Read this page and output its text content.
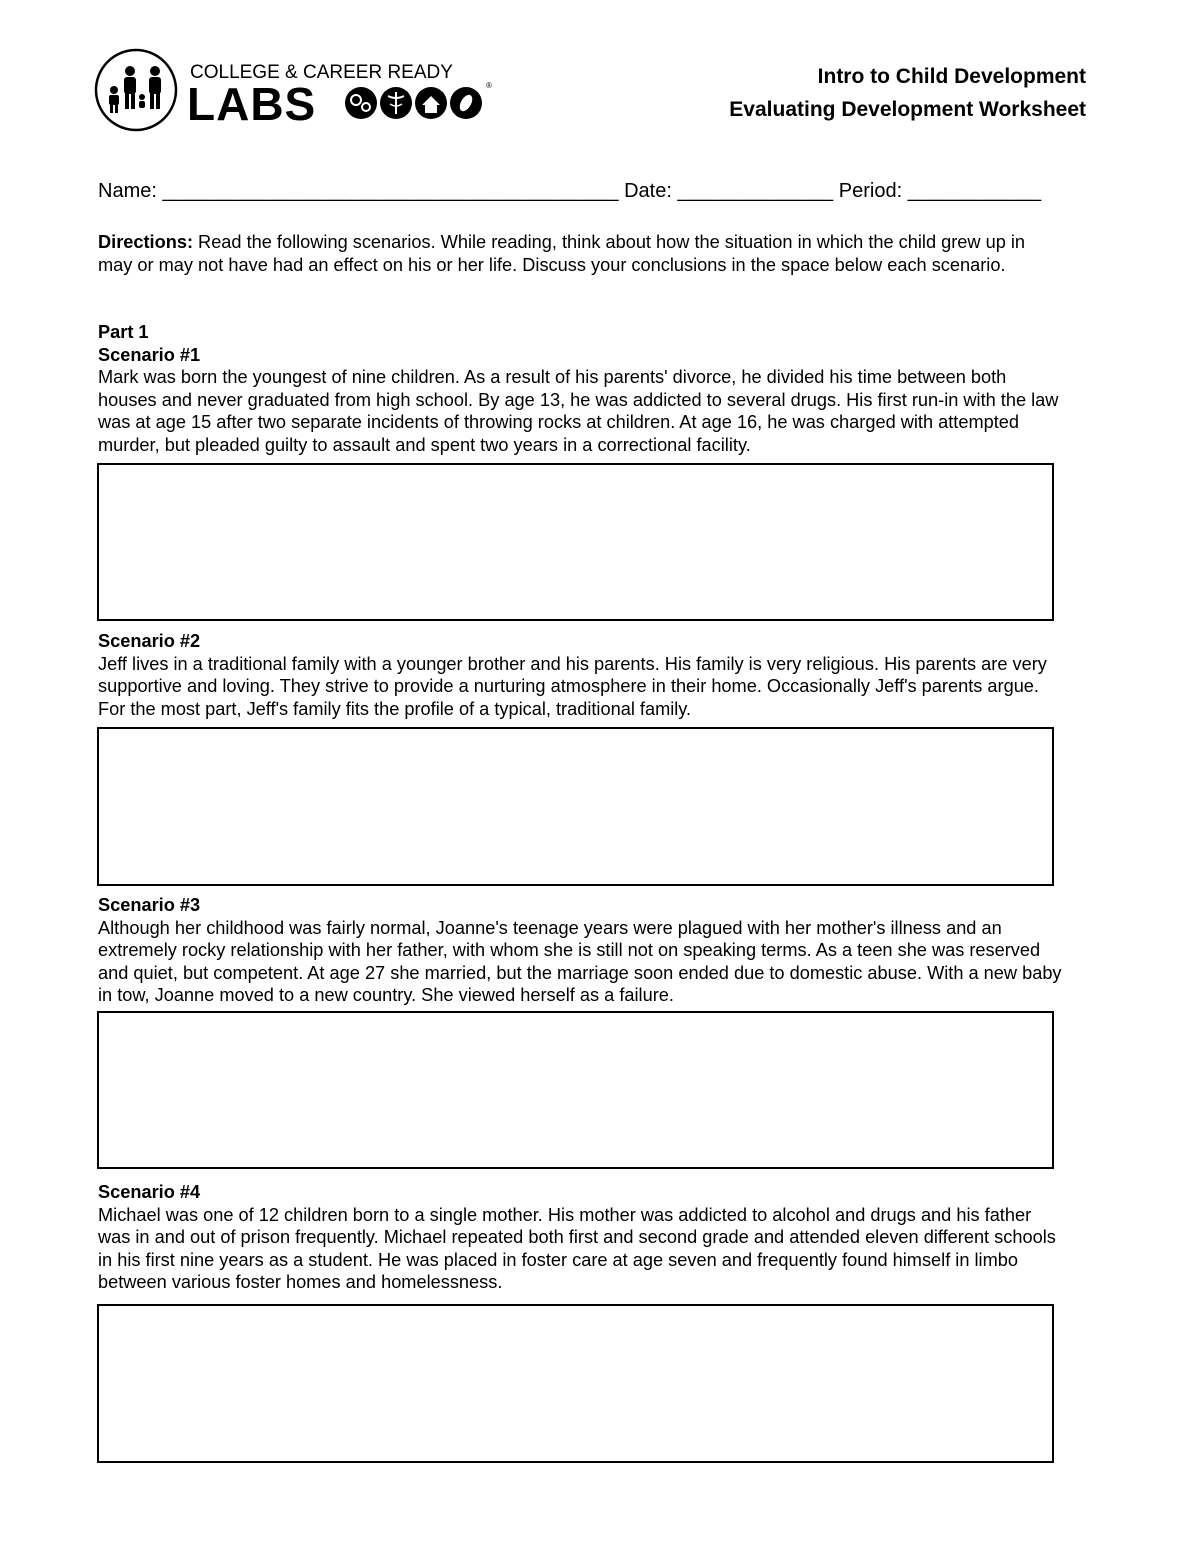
COLLEGE & CAREER READY
LABS	®	Intro to Child Development
Evaluating Development Worksheet
Name: _________________________________________ Date: ______________ Period: ____________
Directions: Read the following scenarios. While reading, think about how the situation in which the child grew up in may or may not have had an effect on his or her life. Discuss your conclusions in the space below each scenario.
Part 1
Scenario #1
Mark was born the youngest of nine children. As a result of his parents' divorce, he divided his time between both houses and never graduated from high school. By age 13, he was addicted to several drugs. His first run-in with the law was at age 15 after two separate incidents of throwing rocks at children. At age 16, he was charged with attempted murder, but pleaded guilty to assault and spent two years in a correctional facility.
Scenario #2
Jeff lives in a traditional family with a younger brother and his parents. His family is very religious. His parents are very supportive and loving. They strive to provide a nurturing atmosphere in their home. Occasionally Jeff's parents argue. For the most part, Jeff's family fits the profile of a typical, traditional family.
Scenario #3
Although her childhood was fairly normal, Joanne's teenage years were plagued with her mother's illness and an extremely rocky relationship with her father, with whom she is still not on speaking terms. As a teen she was reserved and quiet, but competent. At age 27 she married, but the marriage soon ended due to domestic abuse. With a new baby in tow, Joanne moved to a new country. She viewed herself as a failure.
Scenario #4
Michael was one of 12 children born to a single mother. His mother was addicted to alcohol and drugs and his father was in and out of prison frequently. Michael repeated both first and second grade and attended eleven different schools in his first nine years as a student. He was placed in foster care at age seven and frequently found himself in limbo between various foster homes and homelessness.
